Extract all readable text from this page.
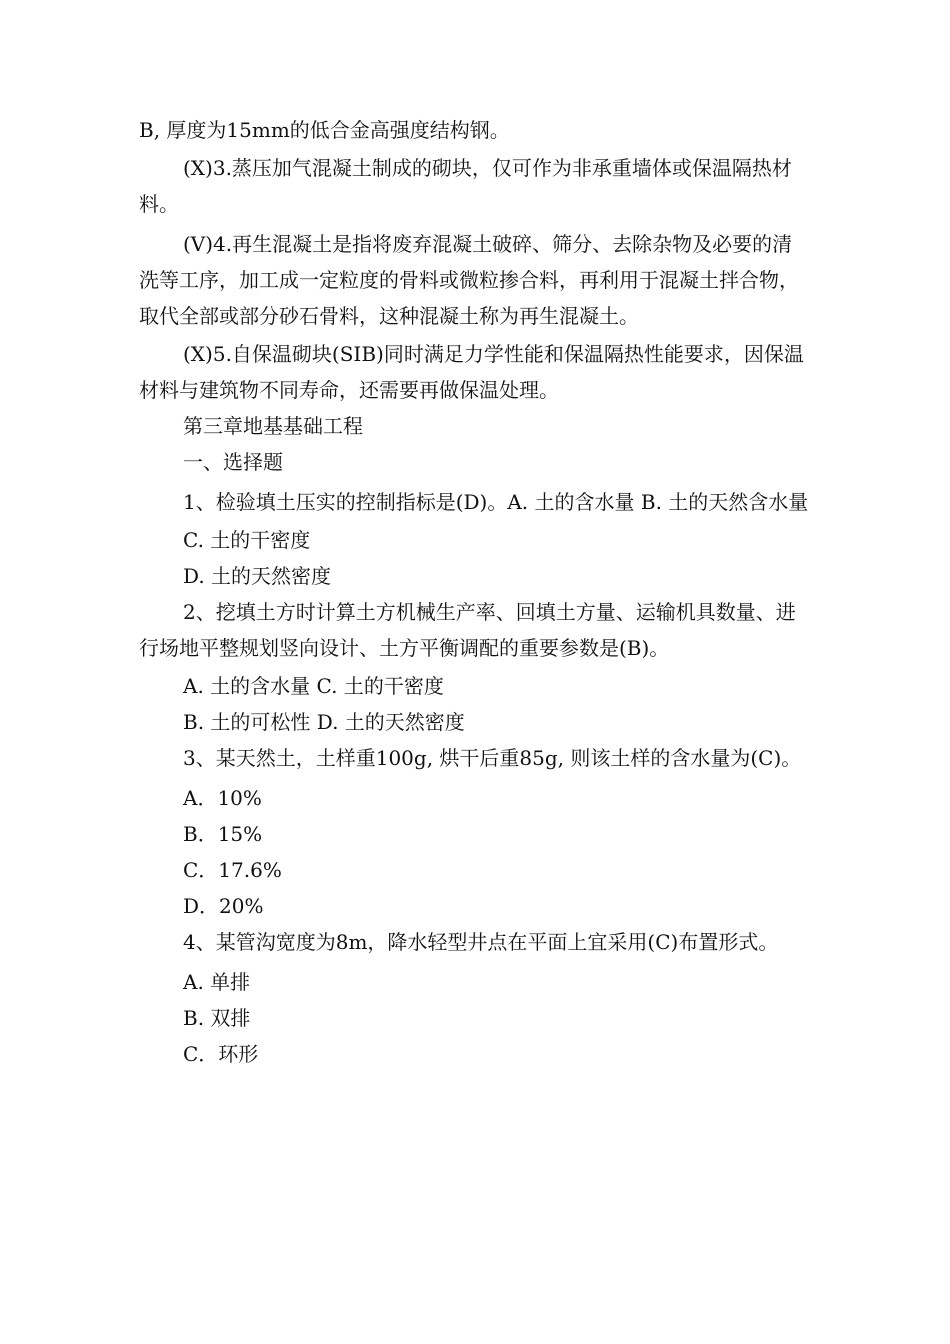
B, 厚度为15mm的低合金高强度结构钢。

(X)3.蒸压加气混凝土制成的砌块，仅可作为非承重墙体或保温隔热材料。

(V)4.再生混凝土是指将废弃混凝土破碎、筛分、去除杂物及必要的清洗等工序，加工成一定粒度的骨料或微粒掺合料，再利用于混凝土拌合物，取代全部或部分砂石骨料，这种混凝土称为再生混凝土。

(X)5.自保温砌块(SIB)同时满足力学性能和保温隔热性能要求，因保温材料与建筑物不同寿命，还需要再做保温处理。

第三章地基基础工程

一、选择题

1、检验填土压实的控制指标是(D)。A. 土的含水量 B. 土的天然含水量

C. 土的干密度

D. 土的天然密度

2、挖填土方时计算土方机械生产率、回填土方量、运输机具数量、进行场地平整规划竖向设计、土方平衡调配的重要参数是(B)。

A. 土的含水量 C. 土的干密度

B. 土的可松性 D. 土的天然密度

3、某天然土，土样重100g, 烘干后重85g, 则该土样的含水量为(C)。

A．10%

B．15%

C．17.6%

D．20%

4、某管沟宽度为8m，降水轻型井点在平面上宜采用(C)布置形式。

A. 单排

B. 双排

C．环形
